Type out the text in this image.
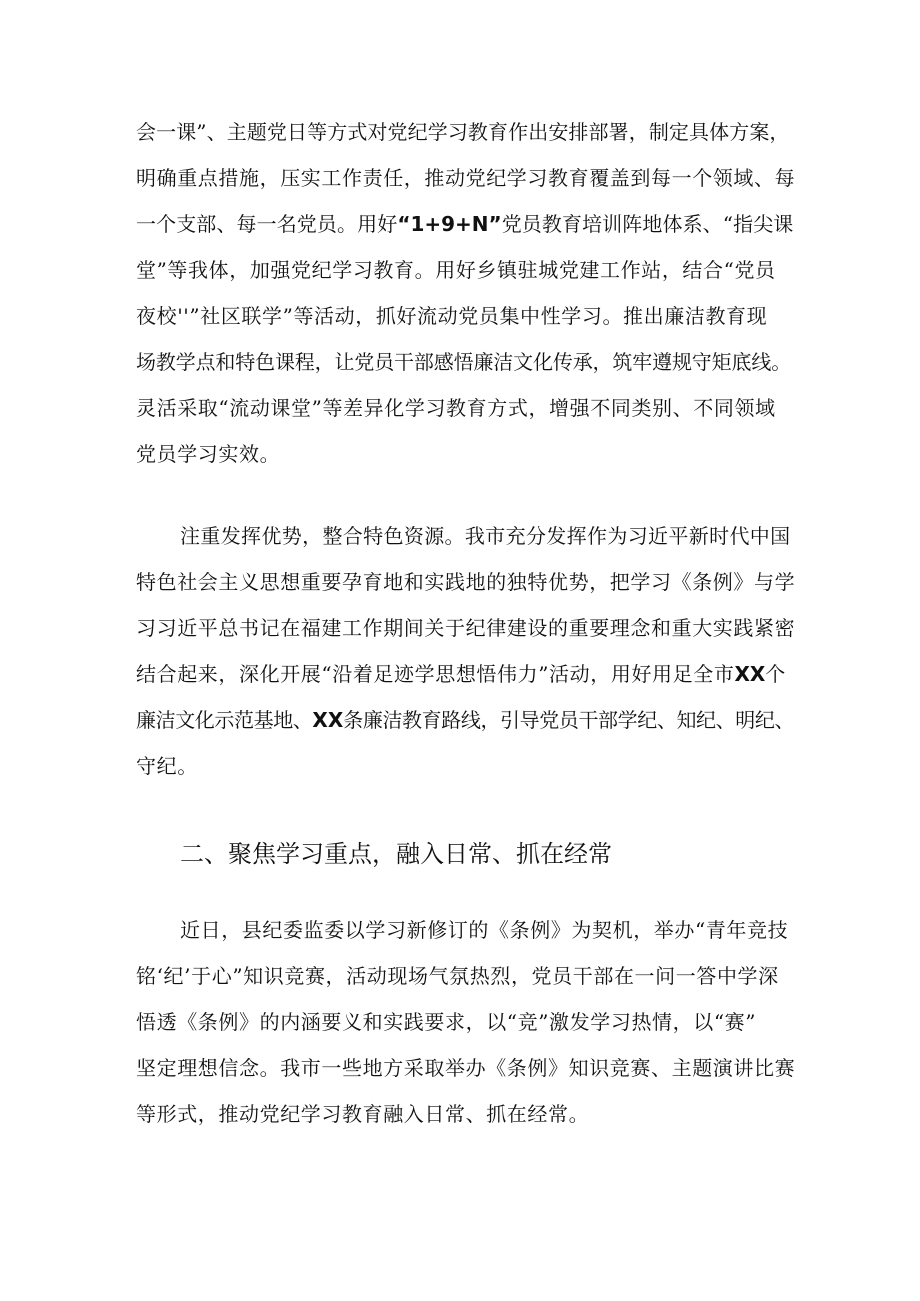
会一课”、主题党日等方式对党纪学习教育作出安排部署，制定具体方案，
明确重点措施，压实工作责任，推动党纪学习教育覆盖到每一个领域、每
一个支部、每一名党员。用好“1+9+N”党员教育培训阵地体系、“指尖课
堂”等我体，加强党纪学习教育。用好乡镇驻城党建工作站，结合“党员
夜校''”社区联学”等活动，抓好流动党员集中性学习。推出廉洁教育现
场教学点和特色课程，让党员干部感悟廉洁文化传承，筑牢遵规守矩底线。
灵活采取“流动课堂”等差异化学习教育方式，增强不同类别、不同领域
党员学习实效。
注重发挥优势，整合特色资源。我市充分发挥作为习近平新时代中国
特色社会主义思想重要孕育地和实践地的独特优势，把学习《条例》与学
习习近平总书记在福建工作期间关于纪律建设的重要理念和重大实践紧密
结合起来，深化开展“沿着足迹学思想悟伟力”活动，用好用足全市XX个
廉洁文化示范基地、XX条廉洁教育路线，引导党员干部学纪、知纪、明纪、
守纪。
二、聚焦学习重点，融入日常、抓在经常
近日，县纪委监委以学习新修订的《条例》为契机，举办“青年竞技
铭‘纪’于心”知识竞赛，活动现场气氛热烈，党员干部在一问一答中学深
悟透《条例》的内涵要义和实践要求，以“竞”激发学习热情，以“赛”
坚定理想信念。我市一些地方采取举办《条例》知识竞赛、主题演讲比赛
等形式，推动党纪学习教育融入日常、抓在经常。
